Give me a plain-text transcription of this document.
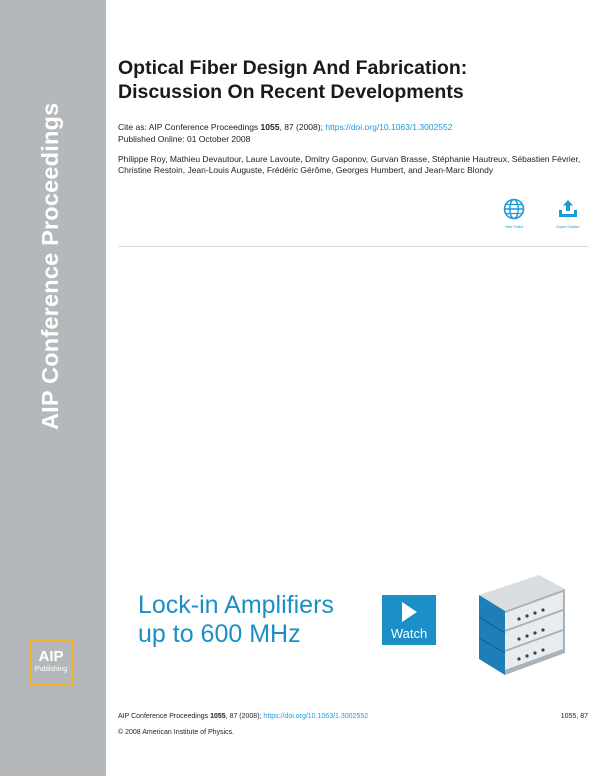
AIP Conference Proceedings
AIP
Publishing
Optical Fiber Design And Fabrication:
Discussion On Recent Developments
Cite as: AIP Conference Proceedings 1055, 87 (2008); https://doi.org/10.1063/1.3002552
Published Online: 01 October 2008
Philippe Roy, Mathieu Devautour, Laure Lavoute, Dmitry Gaponov, Gurvan Brasse, Stéphanie Hautreux, Sébastien Février, Christine Restoin, Jean-Louis Auguste, Frédéric Gérôme, Georges Humbert, and Jean-Marc Blondy
View Online	Export Citation
Lock-in Amplifiers
up to 600 MHz	Watch
AIP Conference Proceedings 1055, 87 (2008); https://doi.org/10.1063/1.3002552	1055, 87
© 2008 American Institute of Physics.
